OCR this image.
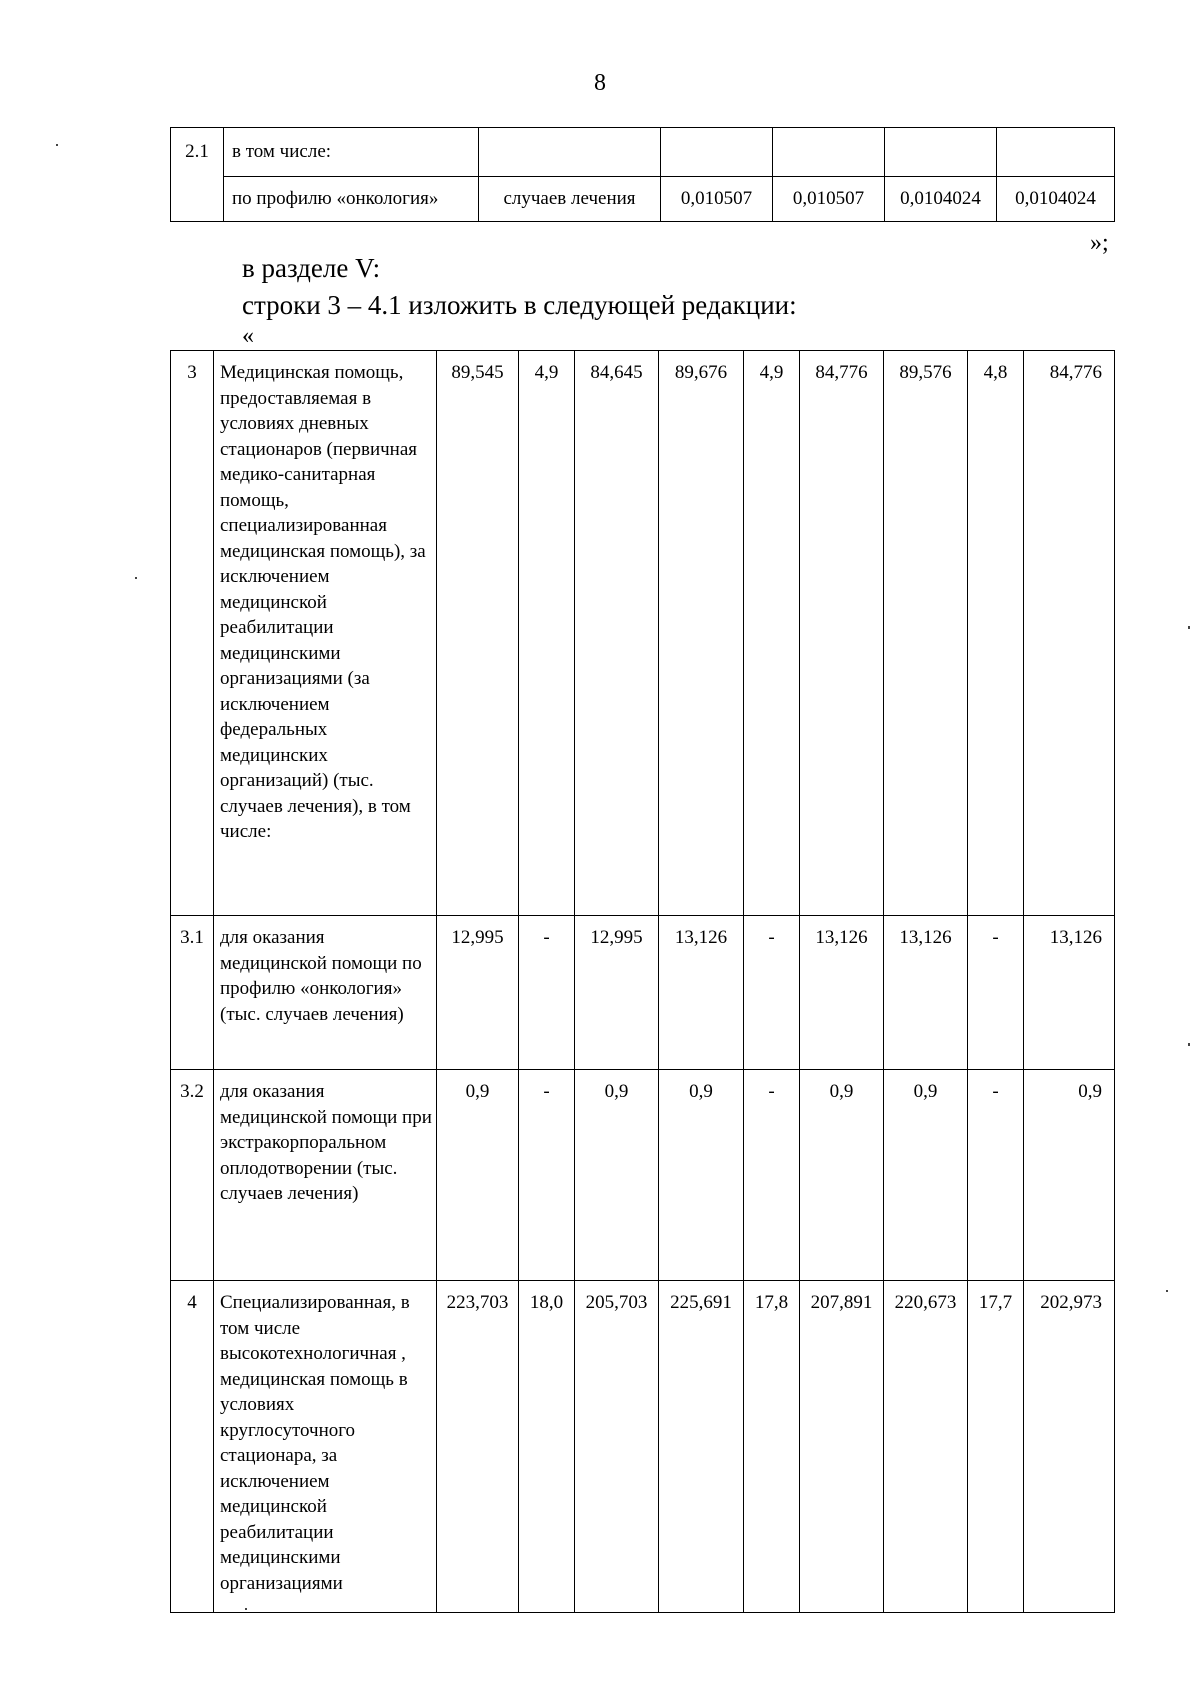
8
2.1	в том числе:					
	по профилю «онкология»	случаев лечения	0,010507	0,010507	0,0104024	0,0104024
»;
в разделе V:
строки 3 – 4.1 изложить в следующей редакции:
«
3	Медицинская помощь, предоставляемая в условиях дневных стационаров (первичная медико-санитарная помощь, специализированная медицинская помощь), за исключением медицинской реабилитации медицинскими организациями (за исключением федеральных медицинских организаций) (тыс. случаев лечения), в том числе:	89,545	4,9	84,645	89,676	4,9	84,776	89,576	4,8	84,776
3.1	для оказания медицинской помощи по профилю «онкология» (тыс. случаев лечения)	12,995	-	12,995	13,126	-	13,126	13,126	-	13,126
3.2	для оказания медицинской помощи при экстракорпоральном оплодотворении (тыс. случаев лечения)	0,9	-	0,9	0,9	-	0,9	0,9	-	0,9
4	Специализированная, в том числе высокотехнологичная , медицинская помощь в условиях круглосуточного стационара, за исключением медицинской реабилитации медицинскими организациями	223,703	18,0	205,703	225,691	17,8	207,891	220,673	17,7	202,973
